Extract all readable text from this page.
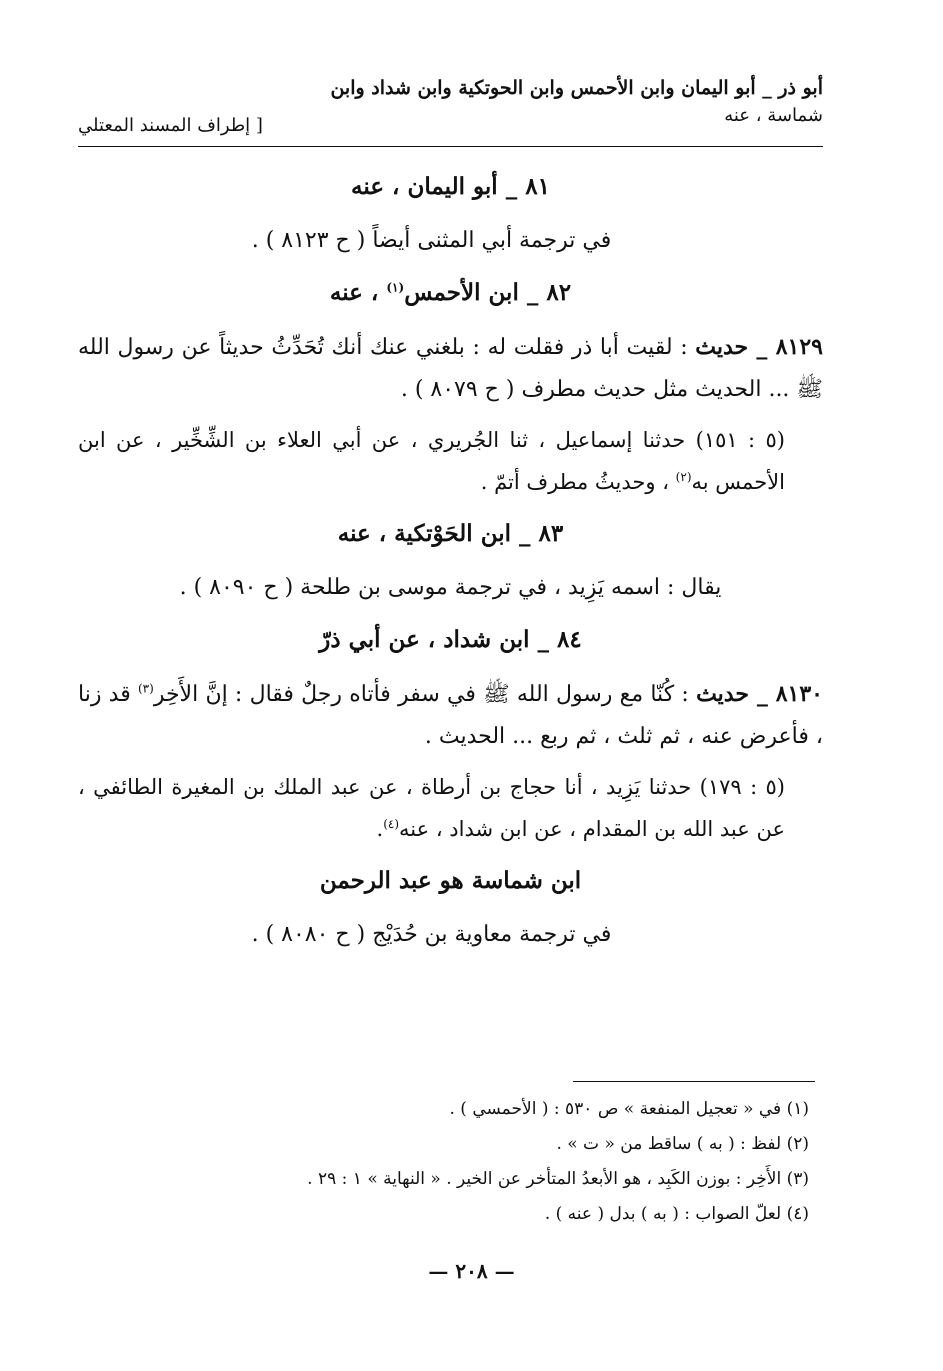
أبو ذر _ أبو اليمان وابن الأحمس وابن الحوتكية وابن شداد وابن
شماسة ، عنه
[ إطراف المسند المعتلي
٨١ _ أبو اليمان ، عنه
في ترجمة أبي المثنى أيضاً ( ح ٨١٢٣ ) .
٨٢ _ ابن الأحمس$^{(١)}$ ، عنه
٨١٢٩ _ حديث : لقيت أبا ذر فقلت له : بلغني عنك أنك تُحَدِّثُ حديثاً عن رسول الله ﷺ ... الحديث مثل حديث مطرف ( ح ٨٠٧٩ ) .
(٥ : ١٥١) حدثنا إسماعيل ، ثنا الجُريري ، عن أبي العلاء بن الشِّخِّير ، عن ابن الأحمس به$^{(٢)}$ ، وحديثُ مطرف أتمّ .
٨٣ _ ابن الحَوْتكية ، عنه
يقال : اسمه يَزِيد ، في ترجمة موسى بن طلحة ( ح ٨٠٩٠ ) .
٨٤ _ ابن شداد ، عن أبي ذرّ
٨١٣٠ _ حديث : كُنّا مع رسول الله ﷺ في سفر فأتاه رجلٌ فقال : إنَّ الأَخِر$^{(٣)}$ قد زنا ، فأعرض عنه ، ثم ثلث ، ثم ربع ... الحديث .
(٥ : ١٧٩) حدثنا يَزِيد ، أنا حجاج بن أرطاة ، عن عبد الملك بن المغيرة الطائفي ، عن عبد الله بن المقدام ، عن ابن شداد ، عنه$^{(٤)}$.
ابن شماسة هو عبد الرحمن
في ترجمة معاوية بن حُدَيْج ( ح ٨٠٨٠ ) .
(١) في « تعجيل المنفعة » ص ٥٣٠ : ( الأحمسي ) .
(٢) لفظ : ( به ) ساقط من « ت » .
(٣) الأَخِر : بوزن الكَبِد ، هو الأبعدُ المتأخر عن الخير . « النهاية » ١ : ٢٩ .
(٤) لعلّ الصواب : ( به ) بدل ( عنه ) .
— ٢٠٨ —
